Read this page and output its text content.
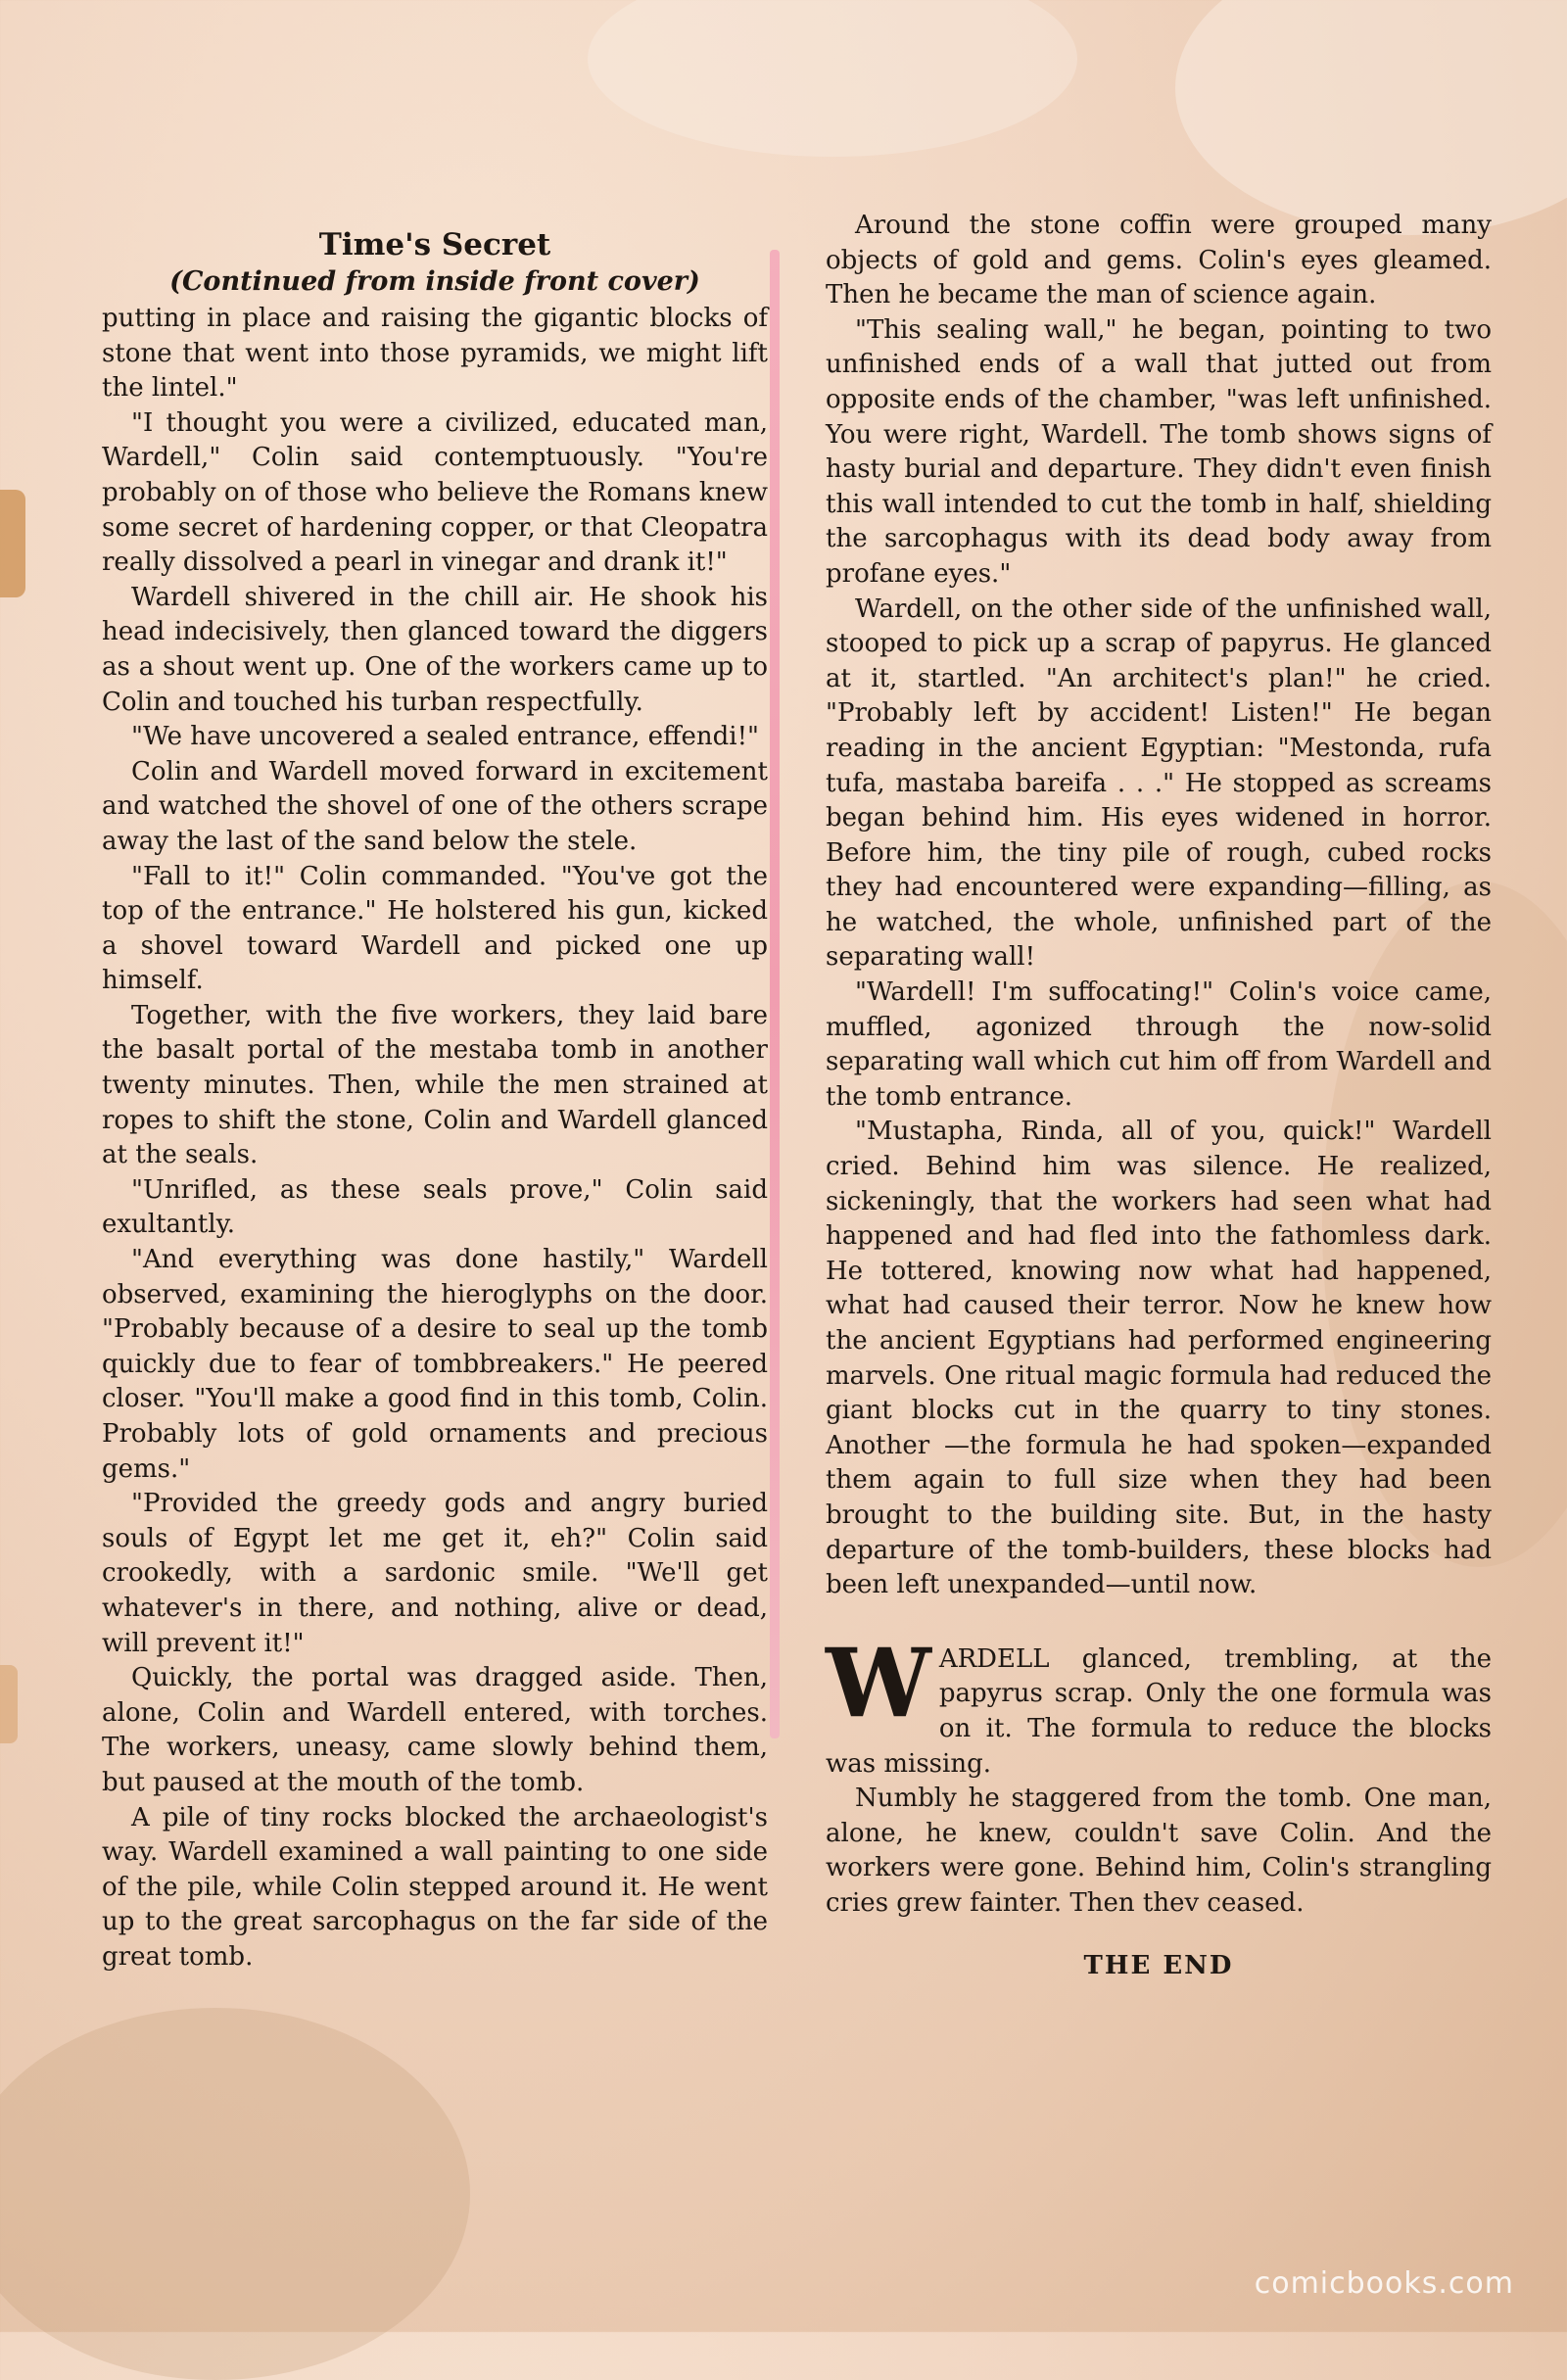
Time's Secret
(Continued from inside front cover)

putting in place and raising the gigantic blocks of stone that went into those pyramids, we might lift the lintel."

"I thought you were a civilized, educated man, Wardell," Colin said contemptuously. "You're probably on of those who believe the Romans knew some secret of hardening copper, or that Cleopatra really dissolved a pearl in vinegar and drank it!"

Wardell shivered in the chill air. He shook his head indecisively, then glanced toward the diggers as a shout went up. One of the workers came up to Colin and touched his turban respectfully.

"We have uncovered a sealed entrance, effendi!"

Colin and Wardell moved forward in excitement and watched the shovel of one of the others scrape away the last of the sand below the stele.

"Fall to it!" Colin commanded. "You've got the top of the entrance." He holstered his gun, kicked a shovel toward Wardell and picked one up himself.

Together, with the five workers, they laid bare the basalt portal of the mestaba tomb in another twenty minutes. Then, while the men strained at ropes to shift the stone, Colin and Wardell glanced at the seals.

"Unrifled, as these seals prove," Colin said exultantly.

"And everything was done hastily," Wardell observed, examining the hieroglyphs on the door. "Probably because of a desire to seal up the tomb quickly due to fear of tombbreakers." He peered closer. "You'll make a good find in this tomb, Colin. Probably lots of gold ornaments and precious gems."

"Provided the greedy gods and angry buried souls of Egypt let me get it, eh?" Colin said crookedly, with a sardonic smile. "We'll get whatever's in there, and nothing, alive or dead, will prevent it!"

Quickly, the portal was dragged aside. Then, alone, Colin and Wardell entered, with torches. The workers, uneasy, came slowly behind them, but paused at the mouth of the tomb.

A pile of tiny rocks blocked the archaeologist's way. Wardell examined a wall painting to one side of the pile, while Colin stepped around it. He went up to the great sarcophagus on the far side of the great tomb.

Around the stone coffin were grouped many objects of gold and gems. Colin's eyes gleamed. Then he became the man of science again.

"This sealing wall," he began, pointing to two unfinished ends of a wall that jutted out from opposite ends of the chamber, "was left unfinished. You were right, Wardell. The tomb shows signs of hasty burial and departure. They didn't even finish this wall intended to cut the tomb in half, shielding the sarcophagus with its dead body away from profane eyes."

Wardell, on the other side of the unfinished wall, stooped to pick up a scrap of papyrus. He glanced at it, startled. "An architect's plan!" he cried. "Probably left by accident! Listen!" He began reading in the ancient Egyptian: "Mestonda, rufa tufa, mastaba bareifa . . ." He stopped as screams began behind him. His eyes widened in horror. Before him, the tiny pile of rough, cubed rocks they had encountered were expanding—filling, as he watched, the whole, unfinished part of the separating wall!

"Wardell! I'm suffocating!" Colin's voice came, muffled, agonized through the now-solid separating wall which cut him off from Wardell and the tomb entrance.

"Mustapha, Rinda, all of you, quick!" Wardell cried. Behind him was silence. He realized, sickeningly, that the workers had seen what had happened and had fled into the fathomless dark. He tottered, knowing now what had happened, what had caused their terror. Now he knew how the ancient Egyptians had performed engineering marvels. One ritual magic formula had reduced the giant blocks cut in the quarry to tiny stones. Another —the formula he had spoken—expanded them again to full size when they had been brought to the building site. But, in the hasty departure of the tomb-builders, these blocks had been left unexpanded—until now.

WARDELL glanced, trembling, at the papyrus scrap. Only the one formula was on it. The formula to reduce the blocks was missing.

Numbly he staggered from the tomb. One man, alone, he knew, couldn't save Colin. And the workers were gone. Behind him, Colin's strangling cries grew fainter. Then thev ceased.

THE END

comicbooks.com
